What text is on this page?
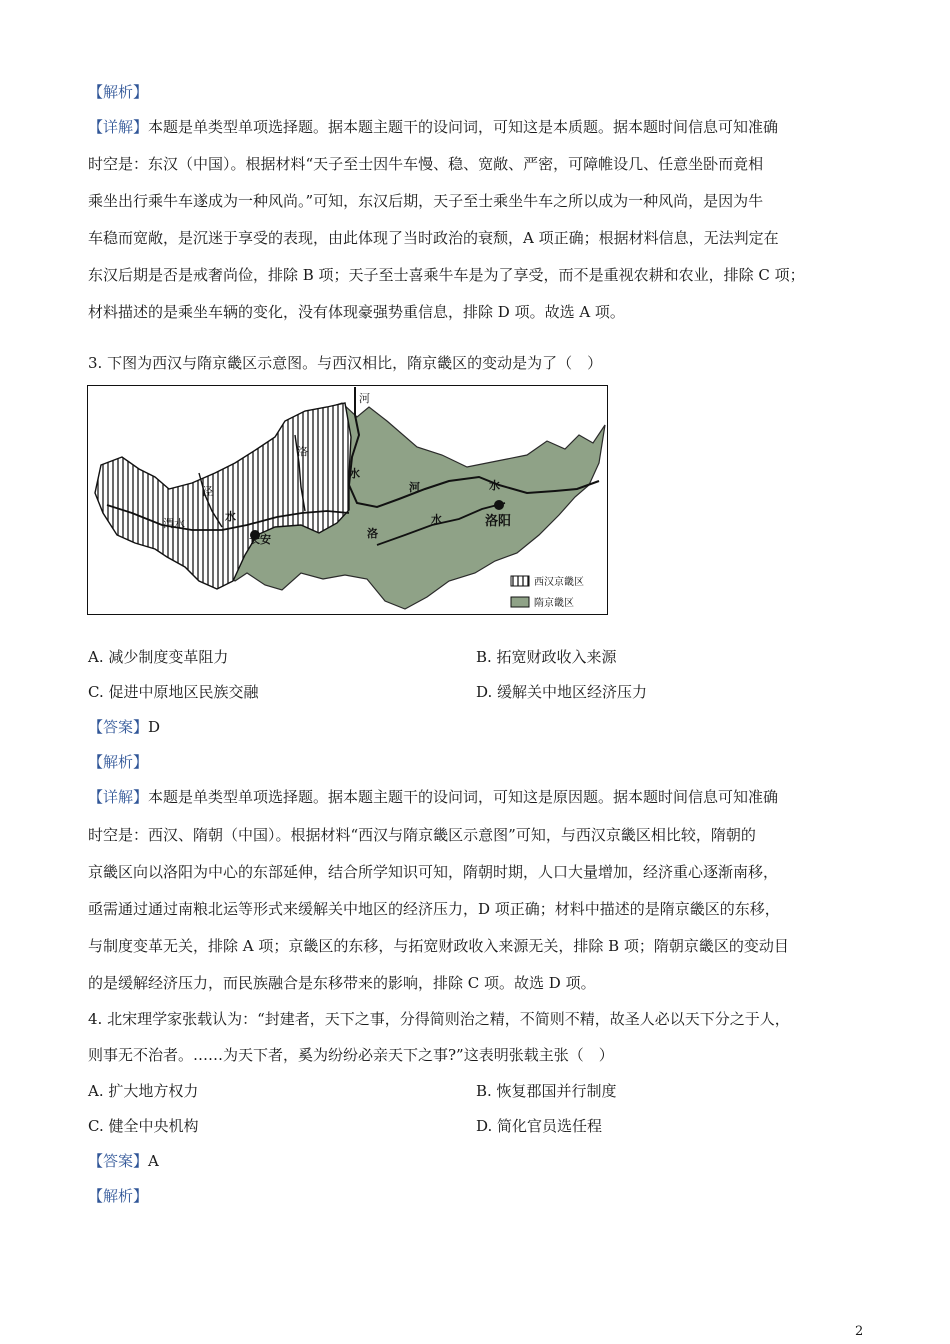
【解析】
【详解】本题是单类型单项选择题。据本题主题干的设问词，可知这是本质题。据本题时间信息可知准确
时空是：东汉（中国）。根据材料“天子至士因牛车慢、稳、宽敞、严密，可障帷设几、任意坐卧而竟相
乘坐出行乘牛车遂成为一种风尚。”可知，东汉后期，天子至士乘坐牛车之所以成为一种风尚，是因为牛
车稳而宽敞，是沉迷于享受的表现，由此体现了当时政治的衰颓，A 项正确；根据材料信息，无法判定在
东汉后期是否是戒奢尚俭，排除 B 项；天子至士喜乘牛车是为了享受，而不是重视农耕和农业，排除 C 项；
材料描述的是乘坐车辆的变化，没有体现豪强势重信息，排除 D 项。故选 A 项。
3. 下图为西汉与隋京畿区示意图。与西汉相比，隋京畿区的变动是为了（　）
河
水
洛
泾
渭水
水
长安
河	水
洛
水	洛阳
西汉京畿区
隋京畿区
A. 减少制度变革阻力	B. 拓宽财政收入来源
C. 促进中原地区民族交融	D. 缓解关中地区经济压力
【答案】D
【解析】
【详解】本题是单类型单项选择题。据本题主题干的设问词，可知这是原因题。据本题时间信息可知准确
时空是：西汉、隋朝（中国）。根据材料“西汉与隋京畿区示意图”可知，与西汉京畿区相比较，隋朝的
京畿区向以洛阳为中心的东部延伸，结合所学知识可知，隋朝时期，人口大量增加，经济重心逐渐南移，
亟需通过通过南粮北运等形式来缓解关中地区的经济压力，D 项正确；材料中描述的是隋京畿区的东移，
与制度变革无关，排除 A 项；京畿区的东移，与拓宽财政收入来源无关，排除 B 项；隋朝京畿区的变动目
的是缓解经济压力，而民族融合是东移带来的影响，排除 C 项。故选 D 项。
4. 北宋理学家张载认为：“封建者，天下之事，分得简则治之精，不简则不精，故圣人必以天下分之于人，
则事无不治者。……为天下者，奚为纷纷必亲天下之事?”这表明张载主张（　）
A. 扩大地方权力	B. 恢复郡国并行制度
C. 健全中央机构	D. 简化官员选任程
【答案】A
【解析】
2
